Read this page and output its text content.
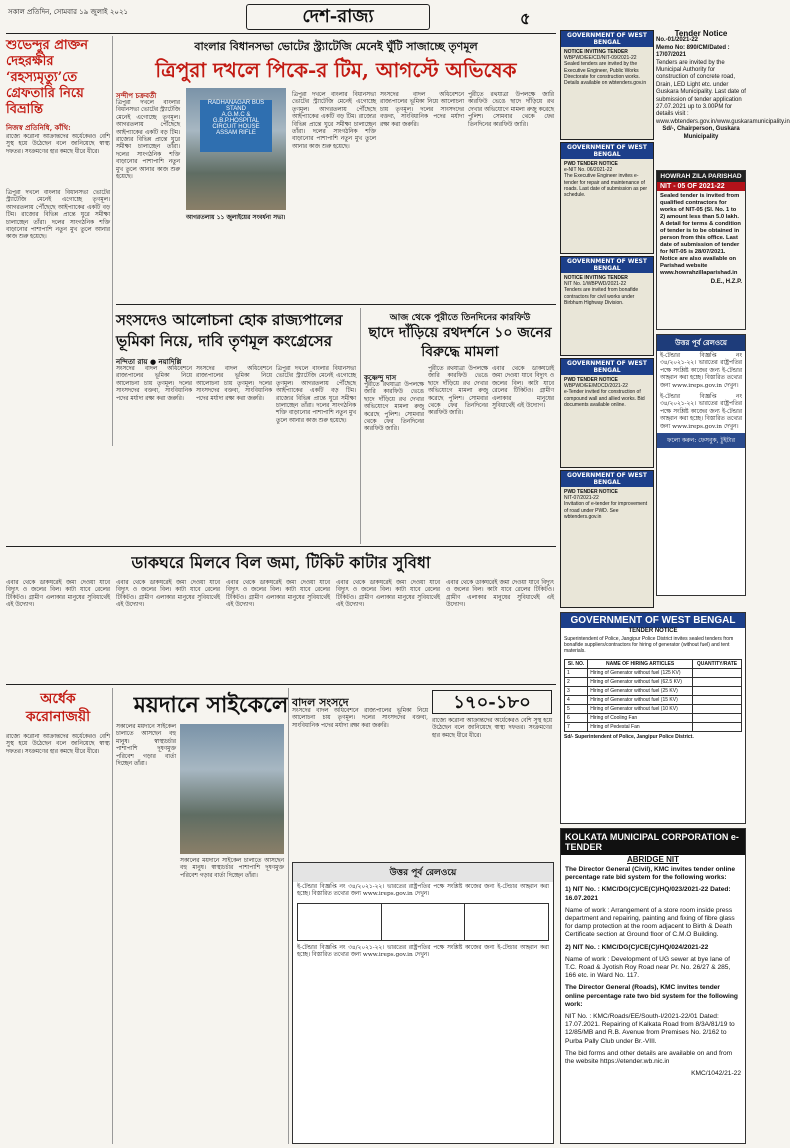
সকাল প্রতিদিন, সোমবার ১৯ জুলাই ২০২১	দেশ-রাজ্য	৫
শুভেন্দুর প্রাক্তন দেহরক্ষীর ‘রহস্যমৃত্যু’তে গ্রেফতারি নিয়ে বিভ্রান্তি
নিজস্ব প্রতিনিধি, কাঁথি:
রাজ্যে করোনা আক্রান্তদের অর্ধেকেরও বেশি সুস্থ হয়ে উঠেছেন বলে জানিয়েছে স্বাস্থ্য দফতর। সংক্রমণের হার কমছে ধীরে ধীরে।
বাংলার বিধানসভা ভোটের স্ট্র্যাটেজি মেনেই ঘুঁটি সাজাচ্ছে তৃণমূল
ত্রিপুরা দখলে পিকে-র টিম, আগস্টে অভিষেক
সন্দীপ চক্রবর্তী
ত্রিপুরা দখলে বাংলার বিধানসভা ভোটের স্ট্র্যাটেজি মেনেই এগোচ্ছে তৃণমূল। আগরতলায় পৌঁছেছে আইপ্যাকের একটি বড় টিম। রাজ্যের বিভিন্ন প্রান্তে ঘুরে সমীক্ষা চালাচ্ছেন তাঁরা। দলের সাংগঠনিক শক্তি বাড়ানোর পাশাপাশি নতুন মুখ তুলে আনার কাজ শুরু হয়েছে।
RADHANAGAR BUS STAND
A.G.M.C & G.B.P.HOSPITAL
CIRCUIT HOUSE
ASSAM RIFLE
আগরতলায় ১১ জুলাইয়ের সংবর্ধনা সভা।
ত্রিপুরা দখলে বাংলার বিধানসভা ভোটের স্ট্র্যাটেজি মেনেই এগোচ্ছে তৃণমূল। আগরতলায় পৌঁছেছে আইপ্যাকের একটি বড় টিম। রাজ্যের বিভিন্ন প্রান্তে ঘুরে সমীক্ষা চালাচ্ছেন তাঁরা। দলের সাংগঠনিক শক্তি বাড়ানোর পাশাপাশি নতুন মুখ তুলে আনার কাজ শুরু হয়েছে।
সংসদের বাদল অধিবেশনে রাজ্যপালের ভূমিকা নিয়ে আলোচনা চায় তৃণমূল। দলের সাংসদদের বক্তব্য, সাংবিধানিক পদের মর্যাদা রক্ষা করা জরুরি।
পুরীতে রথযাত্রা উপলক্ষে জারি কারফিউ ভেঙে ছাদে দাঁড়িয়ে রথ দেখার অভিযোগে মামলা রুজু করেছে পুলিশ। সোমবার থেকে ফের তিনদিনের কারফিউ জারি।
সংসদেও আলোচনা হোক রাজ্যপালের ভূমিকা নিয়ে, দাবি তৃণমূল কংগ্রেসের
নন্দিতা রায় ● নয়াদিল্লি
সংসদের বাদল অধিবেশনে রাজ্যপালের ভূমিকা নিয়ে আলোচনা চায় তৃণমূল। দলের সাংসদদের বক্তব্য, সাংবিধানিক পদের মর্যাদা রক্ষা করা জরুরি।
সংসদের বাদল অধিবেশনে রাজ্যপালের ভূমিকা নিয়ে আলোচনা চায় তৃণমূল। দলের সাংসদদের বক্তব্য, সাংবিধানিক পদের মর্যাদা রক্ষা করা জরুরি।
ত্রিপুরা দখলে বাংলার বিধানসভা ভোটের স্ট্র্যাটেজি মেনেই এগোচ্ছে তৃণমূল। আগরতলায় পৌঁছেছে আইপ্যাকের একটি বড় টিম। রাজ্যের বিভিন্ন প্রান্তে ঘুরে সমীক্ষা চালাচ্ছেন তাঁরা। দলের সাংগঠনিক শক্তি বাড়ানোর পাশাপাশি নতুন মুখ তুলে আনার কাজ শুরু হয়েছে।
আজ থেকে পুরীতে তিনদিনের কারফিউ
ছাদে দাঁড়িয়ে রথদর্শনে ১০ জনের বিরুদ্ধে মামলা
কৃষ্ণেন্দু দাস
পুরীতে রথযাত্রা উপলক্ষে জারি কারফিউ ভেঙে ছাদে দাঁড়িয়ে রথ দেখার অভিযোগে মামলা রুজু করেছে পুলিশ। সোমবার থেকে ফের তিনদিনের কারফিউ জারি।
পুরীতে রথযাত্রা উপলক্ষে জারি কারফিউ ভেঙে ছাদে দাঁড়িয়ে রথ দেখার অভিযোগে মামলা রুজু করেছে পুলিশ। সোমবার থেকে ফের তিনদিনের কারফিউ জারি।
এবার থেকে ডাকঘরেই জমা দেওয়া যাবে বিদ্যুৎ ও জলের বিল। কাটা যাবে রেলের টিকিটও। গ্রামীণ এলাকার মানুষের সুবিধার্থেই এই উদ্যোগ।
ত্রিপুরা দখলে বাংলার বিধানসভা ভোটের স্ট্র্যাটেজি মেনেই এগোচ্ছে তৃণমূল। আগরতলায় পৌঁছেছে আইপ্যাকের একটি বড় টিম। রাজ্যের বিভিন্ন প্রান্তে ঘুরে সমীক্ষা চালাচ্ছেন তাঁরা। দলের সাংগঠনিক শক্তি বাড়ানোর পাশাপাশি নতুন মুখ তুলে আনার কাজ শুরু হয়েছে।
ডাকঘরে মিলবে বিল জমা, টিকিট কাটার সুবিধা
এবার থেকে ডাকঘরেই জমা দেওয়া যাবে বিদ্যুৎ ও জলের বিল। কাটা যাবে রেলের টিকিটও। গ্রামীণ এলাকার মানুষের সুবিধার্থেই এই উদ্যোগ।
এবার থেকে ডাকঘরেই জমা দেওয়া যাবে বিদ্যুৎ ও জলের বিল। কাটা যাবে রেলের টিকিটও। গ্রামীণ এলাকার মানুষের সুবিধার্থেই এই উদ্যোগ।
এবার থেকে ডাকঘরেই জমা দেওয়া যাবে বিদ্যুৎ ও জলের বিল। কাটা যাবে রেলের টিকিটও। গ্রামীণ এলাকার মানুষের সুবিধার্থেই এই উদ্যোগ।
এবার থেকে ডাকঘরেই জমা দেওয়া যাবে বিদ্যুৎ ও জলের বিল। কাটা যাবে রেলের টিকিটও। গ্রামীণ এলাকার মানুষের সুবিধার্থেই এই উদ্যোগ।
এবার থেকে ডাকঘরেই জমা দেওয়া যাবে বিদ্যুৎ ও জলের বিল। কাটা যাবে রেলের টিকিটও। গ্রামীণ এলাকার মানুষের সুবিধার্থেই এই উদ্যোগ।
অর্ধেক করোনাজয়ী
রাজ্যে করোনা আক্রান্তদের অর্ধেকেরও বেশি সুস্থ হয়ে উঠেছেন বলে জানিয়েছে স্বাস্থ্য দফতর। সংক্রমণের হার কমছে ধীরে ধীরে।
ময়দানে সাইকেলে
সকালের ময়দানে সাইকেল চালাতে আসছেন বহু মানুষ। স্বাস্থ্যচর্চার পাশাপাশি দূষণমুক্ত পরিবেশ গড়ার বার্তা দিচ্ছেন তাঁরা।
সকালের ময়দানে সাইকেল চালাতে আসছেন বহু মানুষ। স্বাস্থ্যচর্চার পাশাপাশি দূষণমুক্ত পরিবেশ গড়ার বার্তা দিচ্ছেন তাঁরা।
বাদল সংসদে
সংসদের বাদল অধিবেশনে রাজ্যপালের ভূমিকা নিয়ে আলোচনা চায় তৃণমূল। দলের সাংসদদের বক্তব্য, সাংবিধানিক পদের মর্যাদা রক্ষা করা জরুরি।
১৭০-১৮০
রাজ্যে করোনা আক্রান্তদের অর্ধেকেরও বেশি সুস্থ হয়ে উঠেছেন বলে জানিয়েছে স্বাস্থ্য দফতর। সংক্রমণের হার কমছে ধীরে ধীরে।
উত্তর পূর্ব রেলওয়ে
ই-টেন্ডার বিজ্ঞপ্তি নং ৩৪/২০২১-২২। ভারতের রাষ্ট্রপতির পক্ষে সংশ্লিষ্ট কাজের জন্য ই-টেন্ডার আহ্বান করা হচ্ছে। বিস্তারিত তথ্যের জন্য www.ireps.gov.in দেখুন।

ই-টেন্ডার বিজ্ঞপ্তি নং ৩৪/২০২১-২২। ভারতের রাষ্ট্রপতির পক্ষে সংশ্লিষ্ট কাজের জন্য ই-টেন্ডার আহ্বান করা হচ্ছে। বিস্তারিত তথ্যের জন্য www.ireps.gov.in দেখুন।
GOVERNMENT OF WEST BENGAL
NOTICE INVITING TENDER
WBPWD/EE/CD/NIT-09/2021-22
Sealed tenders are invited by the Executive Engineer, Public Works Directorate for construction works. Details available on wbtenders.gov.in
GOVERNMENT OF WEST BENGAL
PWD TENDER NOTICE
e-NIT No. 06/2021-22
The Executive Engineer invites e-tender for repair and maintenance of roads. Last date of submission as per schedule.
GOVERNMENT OF WEST BENGAL
NOTICE INVITING TENDER
NIT No. 1/WBPWD/2021-22
Tenders are invited from bonafide contractors for civil works under Birbhum Highway Division.
GOVERNMENT OF WEST BENGAL
PWD TENDER NOTICE
WBPWD/EE/MDCD/2021-22
e-Tender invited for construction of compound wall and allied works. Bid documents available online.
GOVERNMENT OF WEST BENGAL
PWD TENDER NOTICE
NIT-07/2021-22
Invitation of e-tender for improvement of road under PWD. See wbtenders.gov.in
Tender Notice
No.-01/2021-22
Memo No: 890/CM/Dated : 17/07/2021
Tenders are invited by the Municipal Authority for construction of concrete road, Drain, LED Light etc. under Guskara Municipality. Last date of submission of tender application 27.07.2021 up to 3.00PM for details visit : www.wbtenders.gov.in/www.guskaramunicipality.in
Sd/-, Chairperson, Guskara Municipality
HOWRAH ZILA PARISHAD
NIT - 05 OF 2021-22
Sealed tender is invited from qualified contractors for works of NIT-05 (Sl. No. 1 to 2) amount less than 5.0 lakh. A detail for terms & condition of tender is to be obtained in person from this office. Last date of submission of tender for NIT-05 is 28/07/2021. Notice are also available on Parishad website www.howrahzillaparishad.in
D.E., H.Z.P.
উত্তর পূর্ব রেলওয়ে
ই-টেন্ডার বিজ্ঞপ্তি নং ৩৪/২০২১-২২। ভারতের রাষ্ট্রপতির পক্ষে সংশ্লিষ্ট কাজের জন্য ই-টেন্ডার আহ্বান করা হচ্ছে। বিস্তারিত তথ্যের জন্য www.ireps.gov.in দেখুন।
ই-টেন্ডার বিজ্ঞপ্তি নং ৩৪/২০২১-২২। ভারতের রাষ্ট্রপতির পক্ষে সংশ্লিষ্ট কাজের জন্য ই-টেন্ডার আহ্বান করা হচ্ছে। বিস্তারিত তথ্যের জন্য www.ireps.gov.in দেখুন।
ফলো করুন: ফেসবুক, টুইটার
GOVERNMENT OF WEST BENGAL
TENDER NOTICE
Superintendent of Police, Jangipur Police District invites sealed tenders from bonafide suppliers/contractors for hiring of generator (without fuel) and tent materials.
Sl. NO.	NAME OF HIRING ARTICLES	QUANTITY/RATE
1	Hiring of Generator without fuel (125 KV)	
2	Hiring of Generator without fuel (62.5 KV)	
3	Hiring of Generator without fuel (25 KV)	
4	Hiring of Generator without fuel (15 KV)	
5	Hiring of Generator without fuel (10 KV)	
6	Hiring of Cooling Fan	
7	Hiring of Pedestal Fan	
Sd/- Superintendent of Police, Jangipur Police District.
KOLKATA MUNICIPAL CORPORATION e-TENDER
ABRIDGE NIT
The Director General (Civil), KMC invites tender online percentage rate bid system for the following works:
1) NIT No. : KMC/DG(C)/CE(C)/HQ/023/2021-22 Dated: 16.07.2021
Name of work : Arrangement of a store room inside press department and repairing, painting and fixing of fibre glass for damp protection at the room adjacent to Birth & Death Certificate section at Ground floor of C.M.O Building.
2) NIT No. : KMC/DG(C)/CE(C)/HQ/024/2021-22
Name of work : Development of UG sewer at bye lane of T.C. Road & Jyotish Roy Road near Pr. No. 26/27 & 285, 166 etc. in Ward No. 117.
The Director General (Roads), KMC invites tender online percentage rate two bid system for the following work:
NIT No. : KMC/Roads/EE/South-I/2021-22/01 Dated: 17.07.2021. Repairing of Kalkata Road from 8/3A/81/19 to 12/85/MB and R.B. Avenue from Premises No. 2/162 to Purba Pally Club under Br.-VIII.
The bid forms and other details are available on and from the website https://etender.wb.nic.in
KMC/1042/21-22
